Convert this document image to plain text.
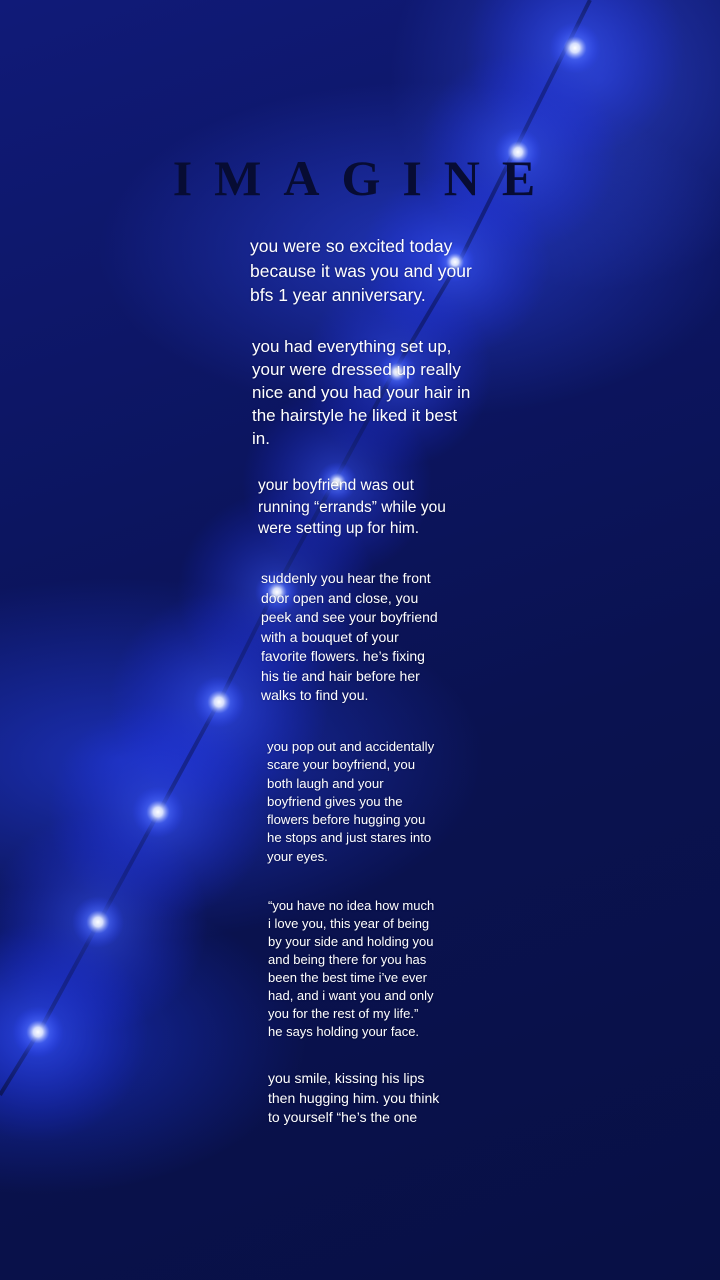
IMAGINE
you were so excited today
because it was you and your
bfs 1 year anniversary.
you had everything set up,
your were dressed up really
nice and you had your hair in
the hairstyle he liked it best
in.
your boyfriend was out
running “errands” while you
were setting up for him.
suddenly you hear the front
door open and close, you
peek and see your boyfriend
with a bouquet of your
favorite flowers. he’s fixing
his tie and hair before her
walks to find you.
you pop out and accidentally
scare your boyfriend, you
both laugh and your
boyfriend gives you the
flowers before hugging you
he stops and just stares into
your eyes.
“you have no idea how much
i love you, this year of being
by your side and holding you
and being there for you has
been the best time i’ve ever
had, and i want you and only
you for the rest of my life.”
he says holding your face.
you smile, kissing his lips
then hugging him. you think
to yourself “he’s the one
